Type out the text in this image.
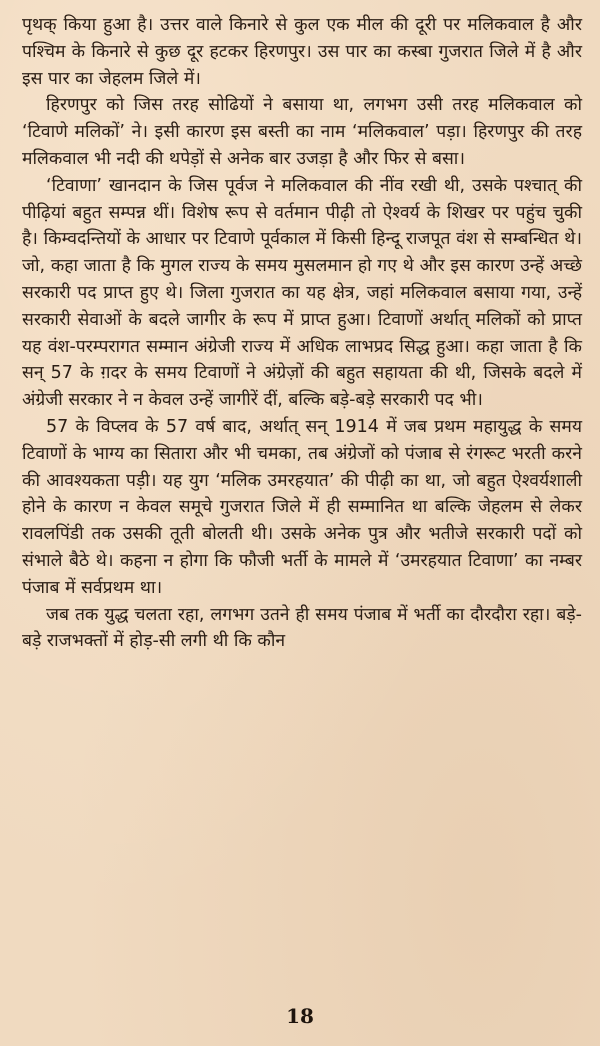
पृथक् किया हुआ है। उत्तर वाले किनारे से कुल एक मील की दूरी पर मलिकवाल है और पश्चिम के किनारे से कुछ दूर हटकर हिरणपुर। उस पार का कस्बा गुजरात जिले में है और इस पार का जेहलम जिले में।

हिरणपुर को जिस तरह सोढियों ने बसाया था, लगभग उसी तरह मलिकवाल को ‘टिवाणे मलिकों’ ने। इसी कारण इस बस्ती का नाम ‘मलिकवाल’ पड़ा। हिरणपुर की तरह मलिकवाल भी नदी की थपेड़ों से अनेक बार उजड़ा है और फिर से बसा।

‘टिवाणा’ खानदान के जिस पूर्वज ने मलिकवाल की नींव रखी थी, उसके पश्चात् की पीढ़ियां बहुत सम्पन्न थीं। विशेष रूप से वर्तमान पीढ़ी तो ऐश्वर्य के शिखर पर पहुंच चुकी है। किम्वदन्तियों के आधार पर टिवाणे पूर्वकाल में किसी हिन्दू राजपूत वंश से सम्बन्धित थे। जो, कहा जाता है कि मुगल राज्य के समय मुसलमान हो गए थे और इस कारण उन्हें अच्छे सरकारी पद प्राप्त हुए थे। जिला गुजरात का यह क्षेत्र, जहां मलिकवाल बसाया गया, उन्हें सरकारी सेवाओं के बदले जागीर के रूप में प्राप्त हुआ। टिवाणों अर्थात् मलिकों को प्राप्त यह वंश-परम्परागत सम्मान अंग्रेजी राज्य में अधिक लाभप्रद सिद्ध हुआ। कहा जाता है कि सन् 57 के ग़दर के समय टिवाणों ने अंग्रेज़ों की बहुत सहायता की थी, जिसके बदले में अंग्रेजी सरकार ने न केवल उन्हें जागीरें दीं, बल्कि बड़े-बड़े सरकारी पद भी।

57 के विप्लव के 57 वर्ष बाद, अर्थात् सन् 1914 में जब प्रथम महायुद्ध के समय टिवाणों के भाग्य का सितारा और भी चमका, तब अंग्रेजों को पंजाब से रंगरूट भरती करने की आवश्यकता पड़ी। यह युग ‘मलिक उमरहयात’ की पीढ़ी का था, जो बहुत ऐश्वर्यशाली होने के कारण न केवल समूचे गुजरात जिले में ही सम्मानित था बल्कि जेहलम से लेकर रावलपिंडी तक उसकी तूती बोलती थी। उसके अनेक पुत्र और भतीजे सरकारी पदों को संभाले बैठे थे। कहना न होगा कि फौजी भर्ती के मामले में ‘उमरहयात टिवाणा’ का नम्बर पंजाब में सर्वप्रथम था।

जब तक युद्ध चलता रहा, लगभग उतने ही समय पंजाब में भर्ती का दौरदौरा रहा। बड़े-बड़े राजभक्तों में होड़-सी लगी थी कि कौन

18
